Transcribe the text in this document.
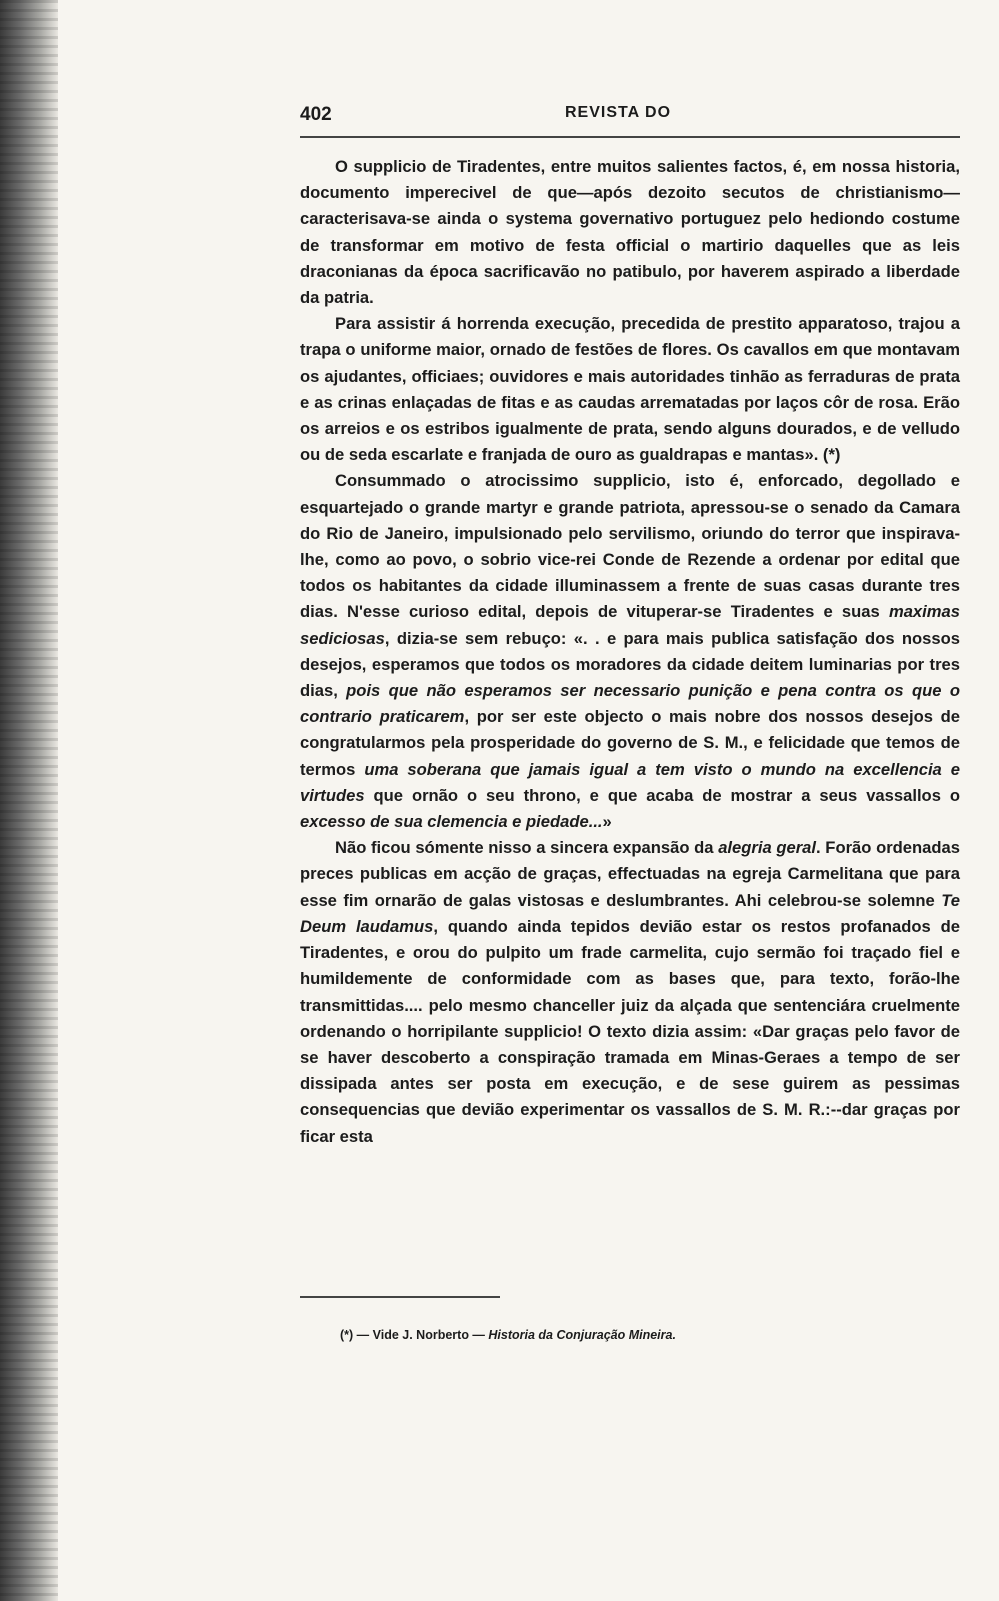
402	REVISTA DO

O supplicio de Tiradentes, entre muitos salientes factos, é, em nossa historia, documento imperecivel de que—após dezoito secutos de christianismo—caracterisava-se ainda o systema governativo portuguez pelo hediondo costume de transformar em motivo de festa official o martirio daquelles que as leis draconianas da época sacrificavão no patibulo, por haverem aspirado a liberdade da patria.

Para assistir á horrenda execução, precedida de prestito apparatoso, trajou a trapa o uniforme maior, ornado de festões de flores. Os cavallos em que montavam os ajudantes, officiaes; ouvidores e mais autoridades tinhão as ferraduras de prata e as crinas enlaçadas de fitas e as caudas arrematadas por laços côr de rosa. Erão os arreios e os estribos igualmente de prata, sendo alguns dourados, e de velludo ou de seda escarlate e franjada de ouro as gualdrapas e mantas». (*)

Consummado o atrocissimo supplicio, isto é, enforcado, degollado e esquartejado o grande martyr e grande patriota, apressou-se o senado da Camara do Rio de Janeiro, impulsionado pelo servilismo, oriundo do terror que inspirava-lhe, como ao povo, o sobrio vice-rei Conde de Rezende a ordenar por edital que todos os habitantes da cidade illuminassem a frente de suas casas durante tres dias. N'esse curioso edital, depois de vituperar-se Tiradentes e suas maximas sediciosas, dizia-se sem rebuço: «. . e para mais publica satisfação dos nossos desejos, esperamos que todos os moradores da cidade deitem luminarias por tres dias, pois que não esperamos ser necessario punição e pena contra os que o contrario praticarem, por ser este objecto o mais nobre dos nossos desejos de congratularmos pela prosperidade do governo de S. M., e felicidade que temos de termos uma soberana que jamais igual a tem visto o mundo na excellencia e virtudes que ornão o seu throno, e que acaba de mostrar a seus vassallos o excesso de sua clemencia e piedade...»

Não ficou sómente nisso a sincera expansão da alegria geral. Forão ordenadas preces publicas em acção de graças, effectuadas na egreja Carmelitana que para esse fim ornarão de galas vistosas e deslumbrantes. Ahi celebrou-se solemne Te Deum laudamus, quando ainda tepidos devião estar os restos profanados de Tiradentes, e orou do pulpito um frade carmelita, cujo sermão foi traçado fiel e humildemente de conformidade com as bases que, para texto, forão-lhe transmittidas.... pelo mesmo chanceller juiz da alçada que sentenciára cruelmente ordenando o horripilante supplicio! O texto dizia assim: «Dar graças pelo favor de se haver descoberto a conspiração tramada em Minas-Geraes a tempo de ser dissipada antes ser posta em execução, e de sese guirem as pessimas consequencias que devião experimentar os vassallos de S. M. R.:--dar graças por ficar esta

(*) — Vide J. Norberto — Historia da Conjuração Mineira.
